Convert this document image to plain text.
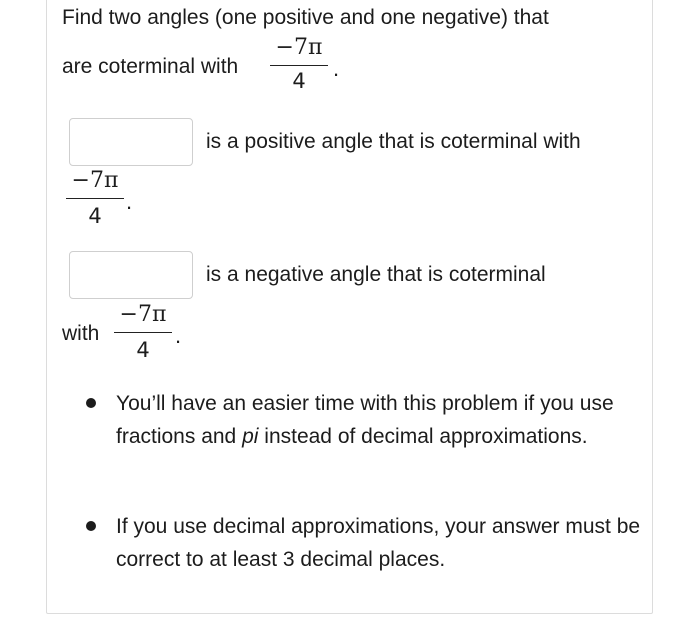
Find two angles (one positive and one negative) that
are coterminal with
−7π
4	.
is a positive angle that is coterminal with
−7π
4
.
is a negative angle that is coterminal
with
−7π
4
.
You’ll have an easier time with this problem if you use fractions and pi instead of decimal approximations.
If you use decimal approximations, your answer must be correct to at least 3 decimal places.
